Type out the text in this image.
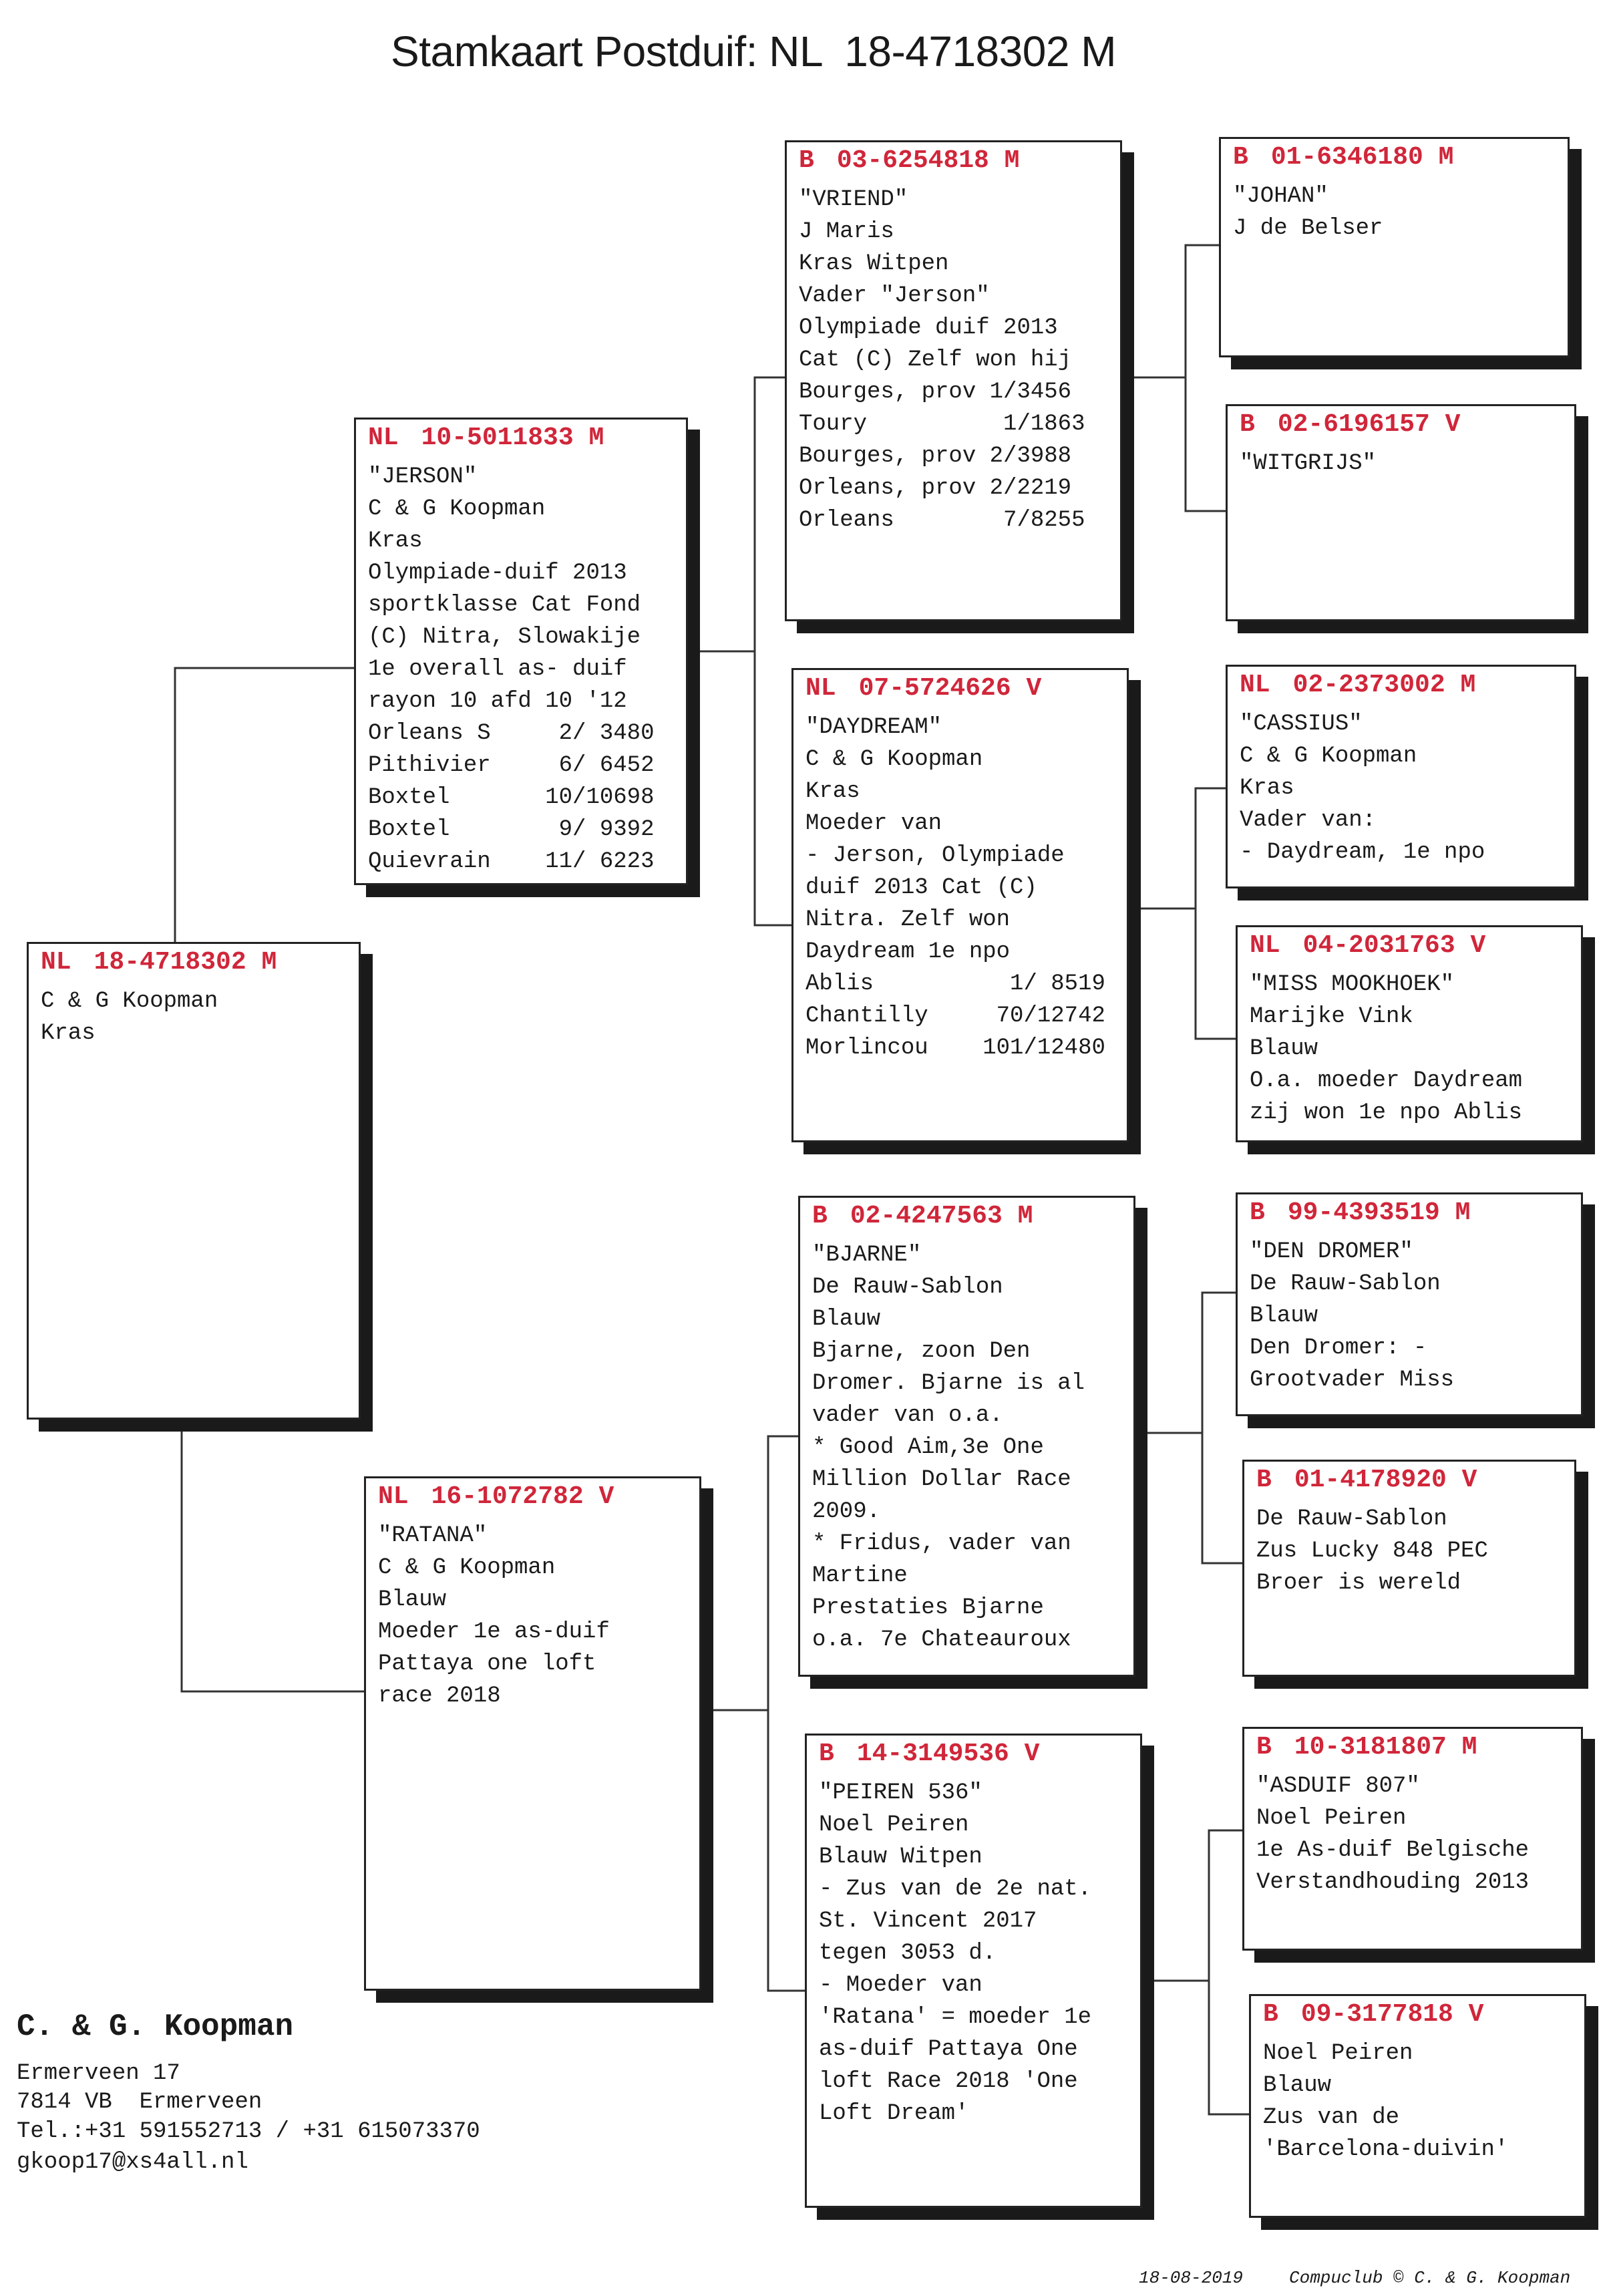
Stamkaart Postduif: NL  18-4718302 M
NL 18-4718302 M
C & G Koopman
Kras
NL 10-5011833 M
"JERSON"
C & G Koopman
Kras
Olympiade-duif 2013
sportklasse Cat Fond
(C) Nitra, Slowakije
1e overall as- duif
rayon 10 afd 10 '12
Orleans S     2/ 3480
Pithivier     6/ 6452
Boxtel       10/10698
Boxtel        9/ 9392
Quievrain    11/ 6223
NL 16-1072782 V
"RATANA"
C & G Koopman
Blauw
Moeder 1e as-duif
Pattaya one loft
race 2018
B 03-6254818 M
"VRIEND"
J Maris
Kras Witpen
Vader "Jerson"
Olympiade duif 2013
Cat (C) Zelf won hij
Bourges, prov 1/3456
Toury          1/1863
Bourges, prov 2/3988
Orleans, prov 2/2219
Orleans        7/8255
NL 07-5724626 V
"DAYDREAM"
C & G Koopman
Kras
Moeder van
- Jerson, Olympiade
duif 2013 Cat (C)
Nitra. Zelf won
Daydream 1e npo
Ablis          1/ 8519
Chantilly     70/12742
Morlincou    101/12480
B 02-4247563 M
"BJARNE"
De Rauw-Sablon
Blauw
Bjarne, zoon Den
Dromer. Bjarne is al
vader van o.a.
* Good Aim,3e One
Million Dollar Race
2009.
* Fridus, vader van
Martine
Prestaties Bjarne
o.a. 7e Chateauroux
B 14-3149536 V
"PEIREN 536"
Noel Peiren
Blauw Witpen
- Zus van de 2e nat.
St. Vincent 2017
tegen 3053 d.
- Moeder van
'Ratana' = moeder 1e
as-duif Pattaya One
loft Race 2018 'One
Loft Dream'
B 01-6346180 M
"JOHAN"
J de Belser
B 02-6196157 V
"WITGRIJS"
NL 02-2373002 M
"CASSIUS"
C & G Koopman
Kras
Vader van:
- Daydream, 1e npo
NL 04-2031763 V
"MISS MOOKHOEK"
Marijke Vink
Blauw
O.a. moeder Daydream
zij won 1e npo Ablis
B 99-4393519 M
"DEN DROMER"
De Rauw-Sablon
Blauw
Den Dromer: -
Grootvader Miss
B 01-4178920 V
De Rauw-Sablon
Zus Lucky 848 PEC
Broer is wereld
B 10-3181807 M
"ASDUIF 807"
Noel Peiren
1e As-duif Belgische
Verstandhouding 2013
B 09-3177818 V
Noel Peiren
Blauw
Zus van de
'Barcelona-duivin'
C. & G. Koopman
Ermerveen 17
7814 VB  Ermerveen
Tel.:+31 591552713 / +31 615073370
gkoop17@xs4all.nl
18-08-2019	Compuclub © C. & G. Koopman
